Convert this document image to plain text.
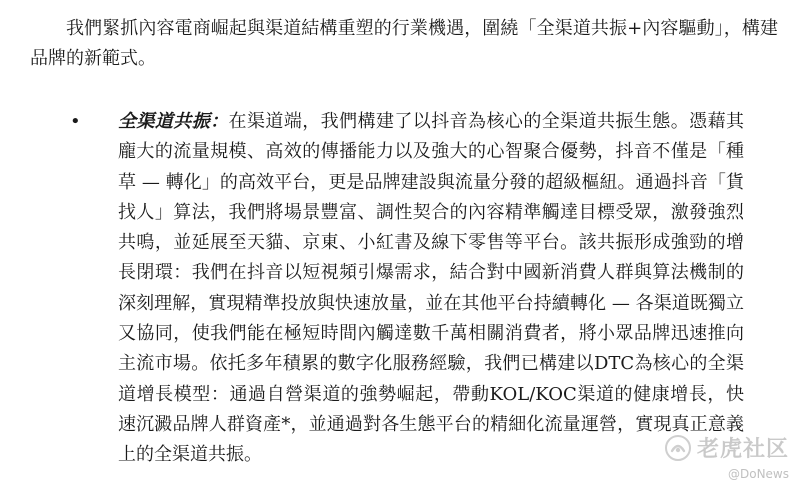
我們緊抓內容電商崛起與渠道結構重塑的行業機遇，圍繞「全渠道共振+內容驅動」，構建品牌的新範式。

• 全渠道共振：在渠道端，我們構建了以抖音為核心的全渠道共振生態。憑藉其龐大的流量規模、高效的傳播能力以及強大的心智聚合優勢，抖音不僅是「種草 — 轉化」的高效平台，更是品牌建設與流量分發的超級樞紐。通過抖音「貨找人」算法，我們將場景豐富、調性契合的內容精準觸達目標受眾，激發強烈共鳴，並延展至天貓、京東、小紅書及線下零售等平台。該共振形成強勁的增長閉環：我們在抖音以短視頻引爆需求，結合對中國新消費人群與算法機制的深刻理解，實現精準投放與快速放量，並在其他平台持續轉化 — 各渠道既獨立又協同，使我們能在極短時間內觸達數千萬相關消費者，將小眾品牌迅速推向主流市場。依托多年積累的數字化服務經驗，我們已構建以DTC為核心的全渠道增長模型：通過自營渠道的強勢崛起，帶動KOL/KOC渠道的健康增長，快速沉澱品牌人群資產*，並通過對各生態平台的精細化流量運營，實現真正意義上的全渠道共振。	老虎社区
@DoNews
